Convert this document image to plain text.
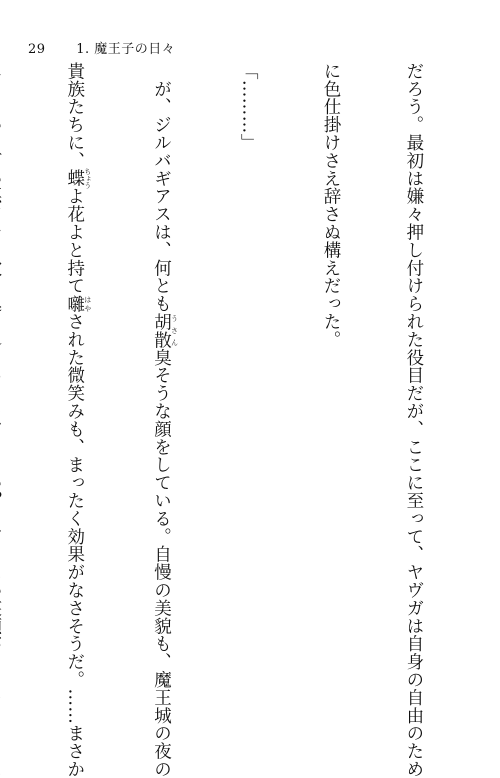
29 1. 魔王子の日々

だろう。最初は嫌々押し付けられた役目だが、ここに至って、ヤヴガは自身の自由のため

に色仕掛けさえ辞さぬ構えだった。

「………」

　が、ジルバギアスは、何とも胡散 うさん臭そうな顔をしている。自慢の美貌も、魔王城の夜の

貴族たちに、蝶 ちょうよ花よと持て囃 はやされた微笑みも、まったく効果がなさそうだ。……まさか
